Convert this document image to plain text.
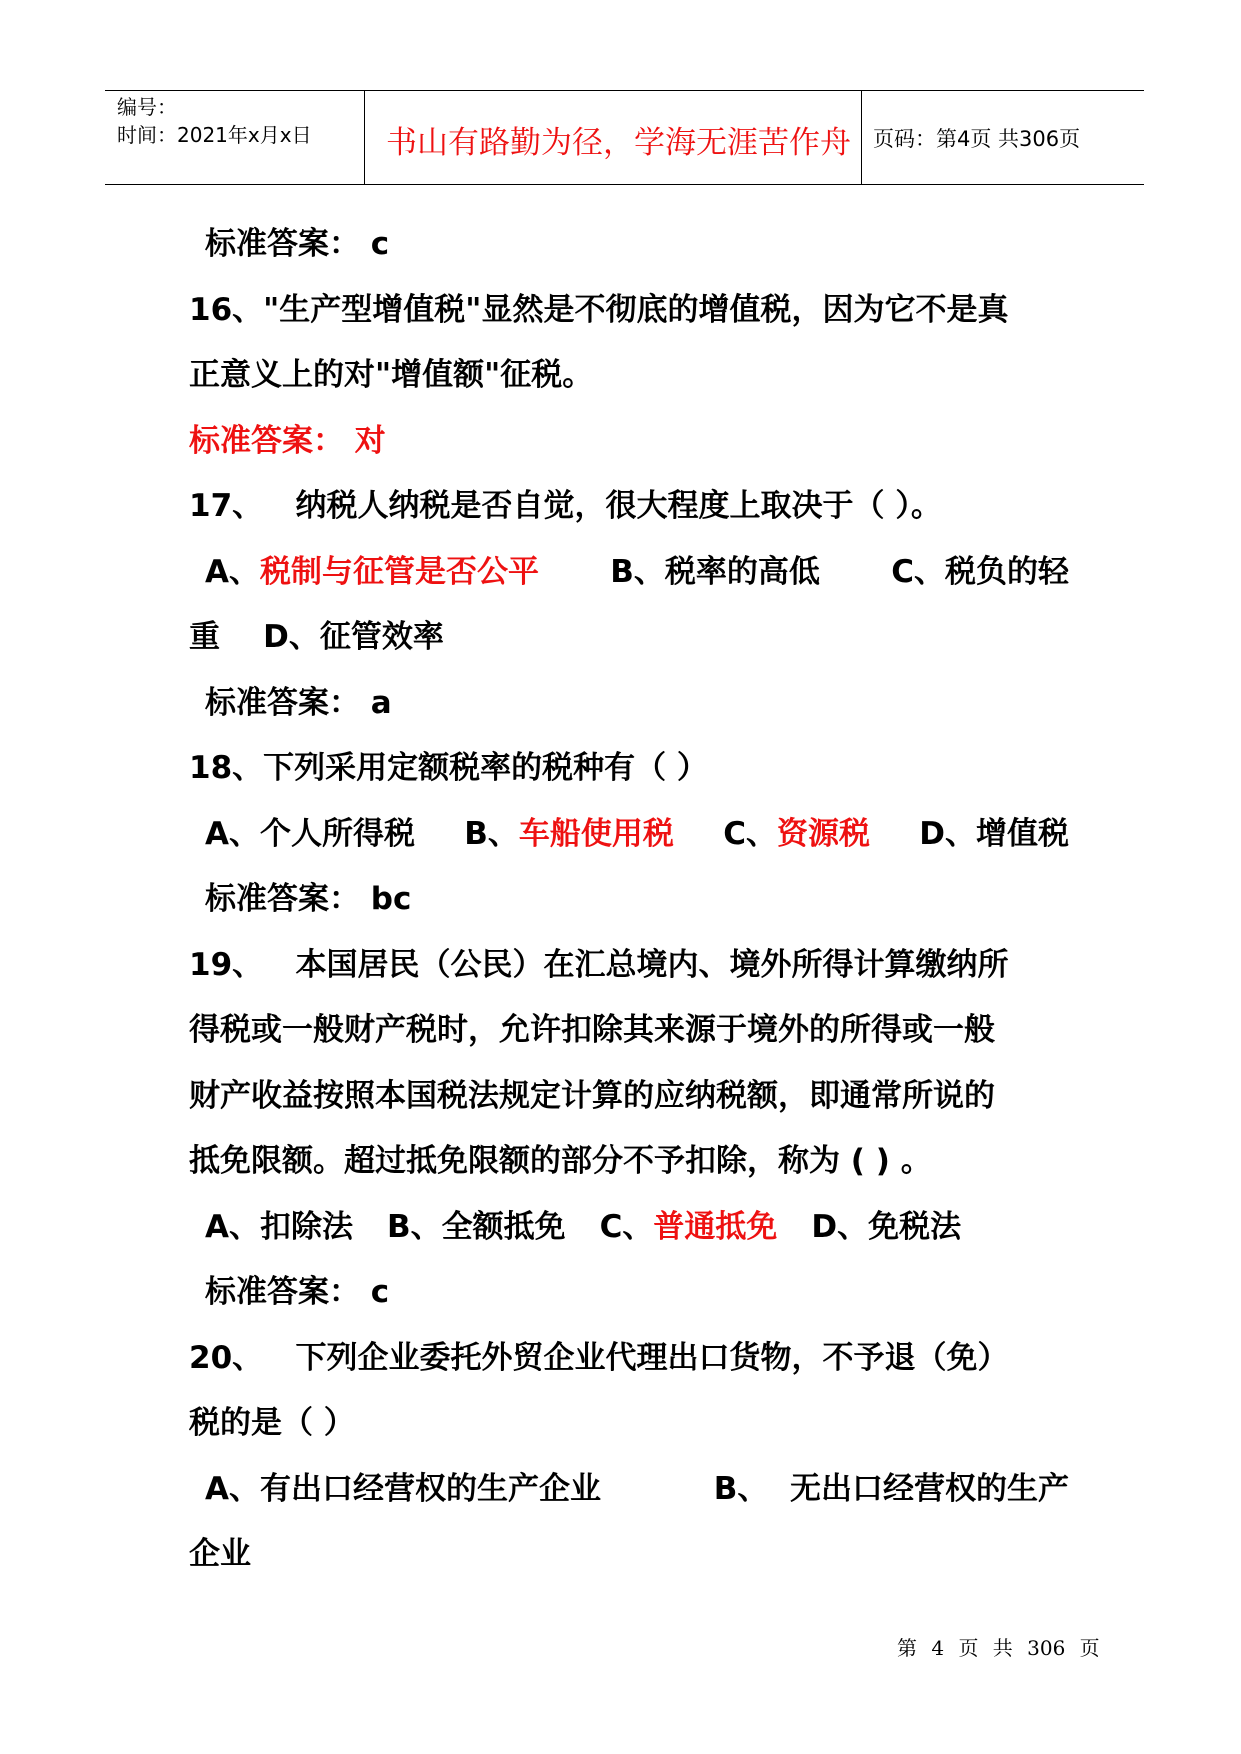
编号：
时间：2021年x月x日	书山有路勤为径，学海无涯苦作舟	页码：第4页 共306页

标准答案： c

16、"生产型增值税"显然是不彻底的增值税，因为它不是真

正意义上的对"增值额"征税。

标准答案： 对

17、 纳税人纳税是否自觉，很大程度上取决于（ ）。

A、税制与征管是否公平 B、税率的高低 C、税负的轻

重    D、征管效率

标准答案： a

18、下列采用定额税率的税种有（ ）

A、个人所得税 B、车船使用税 C、资源税 D、增值税

标准答案： bc

19、 本国居民（公民）在汇总境内、境外所得计算缴纳所

得税或一般财产税时，允许扣除其来源于境外的所得或一般

财产收益按照本国税法规定计算的应纳税额，即通常所说的

抵免限额。超过抵免限额的部分不予扣除，称为 ( ) 。

A、扣除法 B、全额抵免 C、普通抵免 D、免税法

标准答案： c

20、 下列企业委托外贸企业代理出口货物，不予退（免）

税的是（ ）

A、有出口经营权的生产企业	B、  无出口经营权的生产

企业

第 4 页 共 306 页
